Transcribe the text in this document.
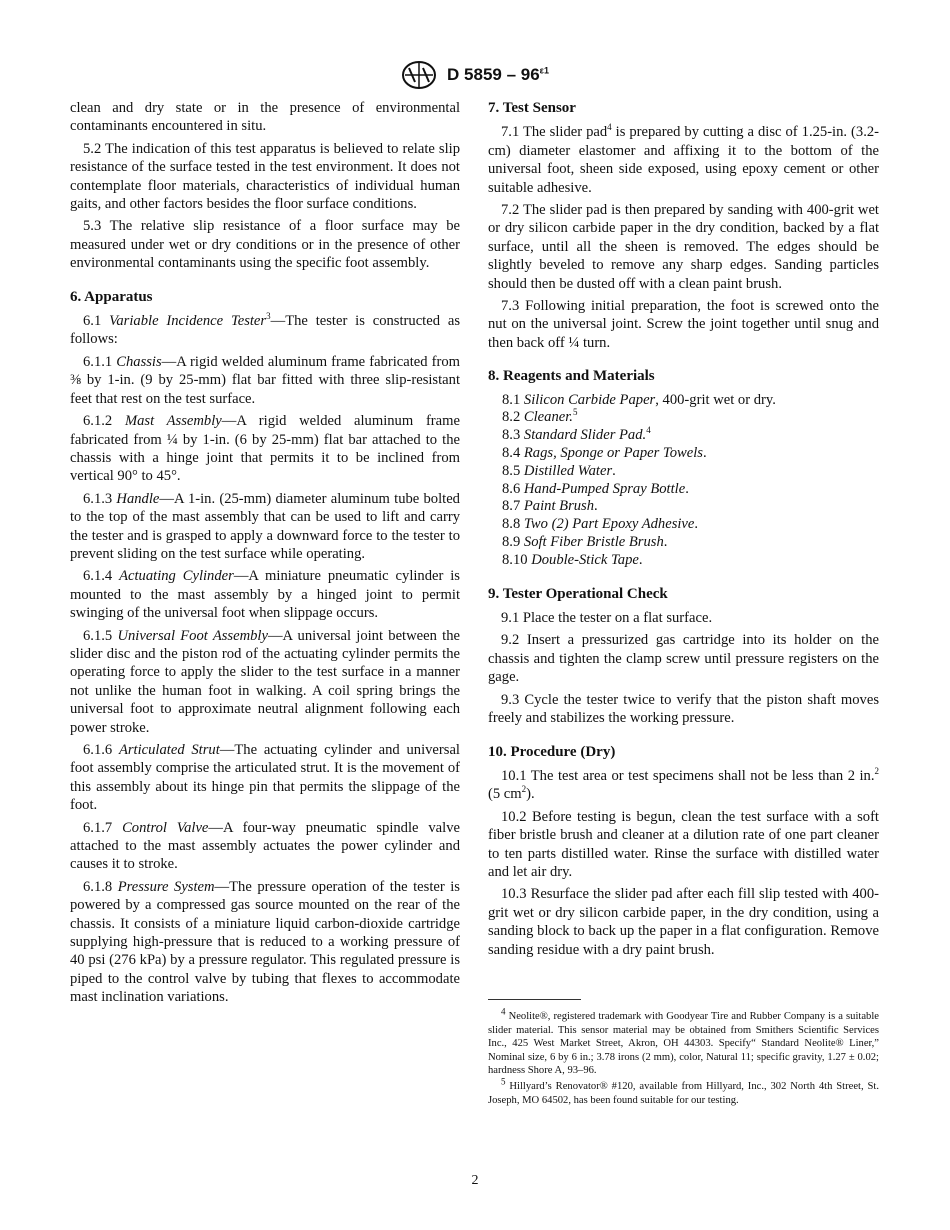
D $5859 - 96^{\varepsilon 1}$

clean and dry state or in the presence of environmental contaminants encountered in situ.

5.2 The indication of this test apparatus is believed to relate slip resistance of the surface tested in the test environment. It does not contemplate floor materials, characteristics of individual human gaits, and other factors besides the floor surface conditions.

5.3 The relative slip resistance of a floor surface may be measured under wet or dry conditions or in the presence of other environmental contaminants using the specific foot assembly.

6. Apparatus

6.1 Variable Incidence Tester$^3$—The tester is constructed as follows:

6.1.1 Chassis—A rigid welded aluminum frame fabricated from ⅜ by 1-in. (9 by 25-mm) flat bar fitted with three slip-resistant feet that rest on the test surface.

6.1.2 Mast Assembly—A rigid welded aluminum frame fabricated from ¼ by 1-in. (6 by 25-mm) flat bar attached to the chassis with a hinge joint that permits it to be inclined from vertical 90° to 45°.

6.1.3 Handle—A 1-in. (25-mm) diameter aluminum tube bolted to the top of the mast assembly that can be used to lift and carry the tester and is grasped to apply a downward force to the tester to prevent sliding on the test surface while operating.

6.1.4 Actuating Cylinder—A miniature pneumatic cylinder is mounted to the mast assembly by a hinged joint to permit swinging of the universal foot when slippage occurs.

6.1.5 Universal Foot Assembly—A universal joint between the slider disc and the piston rod of the actuating cylinder permits the operating force to apply the slider to the test surface in a manner not unlike the human foot in walking. A coil spring brings the universal foot to approximate neutral alignment following each power stroke.

6.1.6 Articulated Strut—The actuating cylinder and universal foot assembly comprise the articulated strut. It is the movement of this assembly about its hinge pin that permits the slippage of the foot.

6.1.7 Control Valve—A four-way pneumatic spindle valve attached to the mast assembly actuates the power cylinder and causes it to stroke.

6.1.8 Pressure System—The pressure operation of the tester is powered by a compressed gas source mounted on the rear of the chassis. It consists of a miniature liquid carbon-dioxide cartridge supplying high-pressure that is reduced to a working pressure of 40 psi (276 kPa) by a pressure regulator. This regulated pressure is piped to the control valve by tubing that flexes to accommodate mast inclination variations.

7. Test Sensor

7.1 The slider pad$^4$ is prepared by cutting a disc of 1.25-in. (3.2-cm) diameter elastomer and affixing it to the bottom of the universal foot, sheen side exposed, using epoxy cement or other suitable adhesive.

7.2 The slider pad is then prepared by sanding with 400-grit wet or dry silicon carbide paper in the dry condition, backed by a flat surface, until all the sheen is removed. The edges should be slightly beveled to remove any sharp edges. Sanding particles should then be dusted off with a clean paint brush.

7.3 Following initial preparation, the foot is screwed onto the nut on the universal joint. Screw the joint together until snug and then back off ¼ turn.

8. Reagents and Materials
8.1 Silicon Carbide Paper, 400-grit wet or dry.
8.2 Cleaner.$^5$
8.3 Standard Slider Pad.$^4$
8.4 Rags, Sponge or Paper Towels.
8.5 Distilled Water.
8.6 Hand-Pumped Spray Bottle.
8.7 Paint Brush.
8.8 Two (2) Part Epoxy Adhesive.
8.9 Soft Fiber Bristle Brush.
8.10 Double-Stick Tape.
9. Tester Operational Check

9.1 Place the tester on a flat surface.

9.2 Insert a pressurized gas cartridge into its holder on the chassis and tighten the clamp screw until pressure registers on the gage.

9.3 Cycle the tester twice to verify that the piston shaft moves freely and stabilizes the working pressure.

10. Procedure (Dry)

10.1 The test area or test specimens shall not be less than 2 in.$^2$ (5 $cm^2$).

10.2 Before testing is begun, clean the test surface with a soft fiber bristle brush and cleaner at a dilution rate of one part cleaner to ten parts distilled water. Rinse the surface with distilled water and let air dry.

10.3 Resurface the slider pad after each fill slip tested with 400-grit wet or dry silicon carbide paper, in the dry condition, using a sanding block to back up the paper in a flat configuration. Remove sanding residue with a dry paint brush.

$^4$ Neolite®, registered trademark with Goodyear Tire and Rubber Company is a suitable slider material. This sensor material may be obtained from Smithers Scientific Services Inc., 425 West Market Street, Akron, OH 44303. Specify“ Standard Neolite® Liner,” Nominal size, 6 by 6 in.; 3.78 irons (2 mm), color, Natural 11; specific gravity, 1.27 ± 0.02; hardness Shore A, 93–96.

$^5$ Hillyard’s Renovator® #120, available from Hillyard, Inc., 302 North 4th Street, St. Joseph, MO 64502, has been found suitable for our testing.

2
